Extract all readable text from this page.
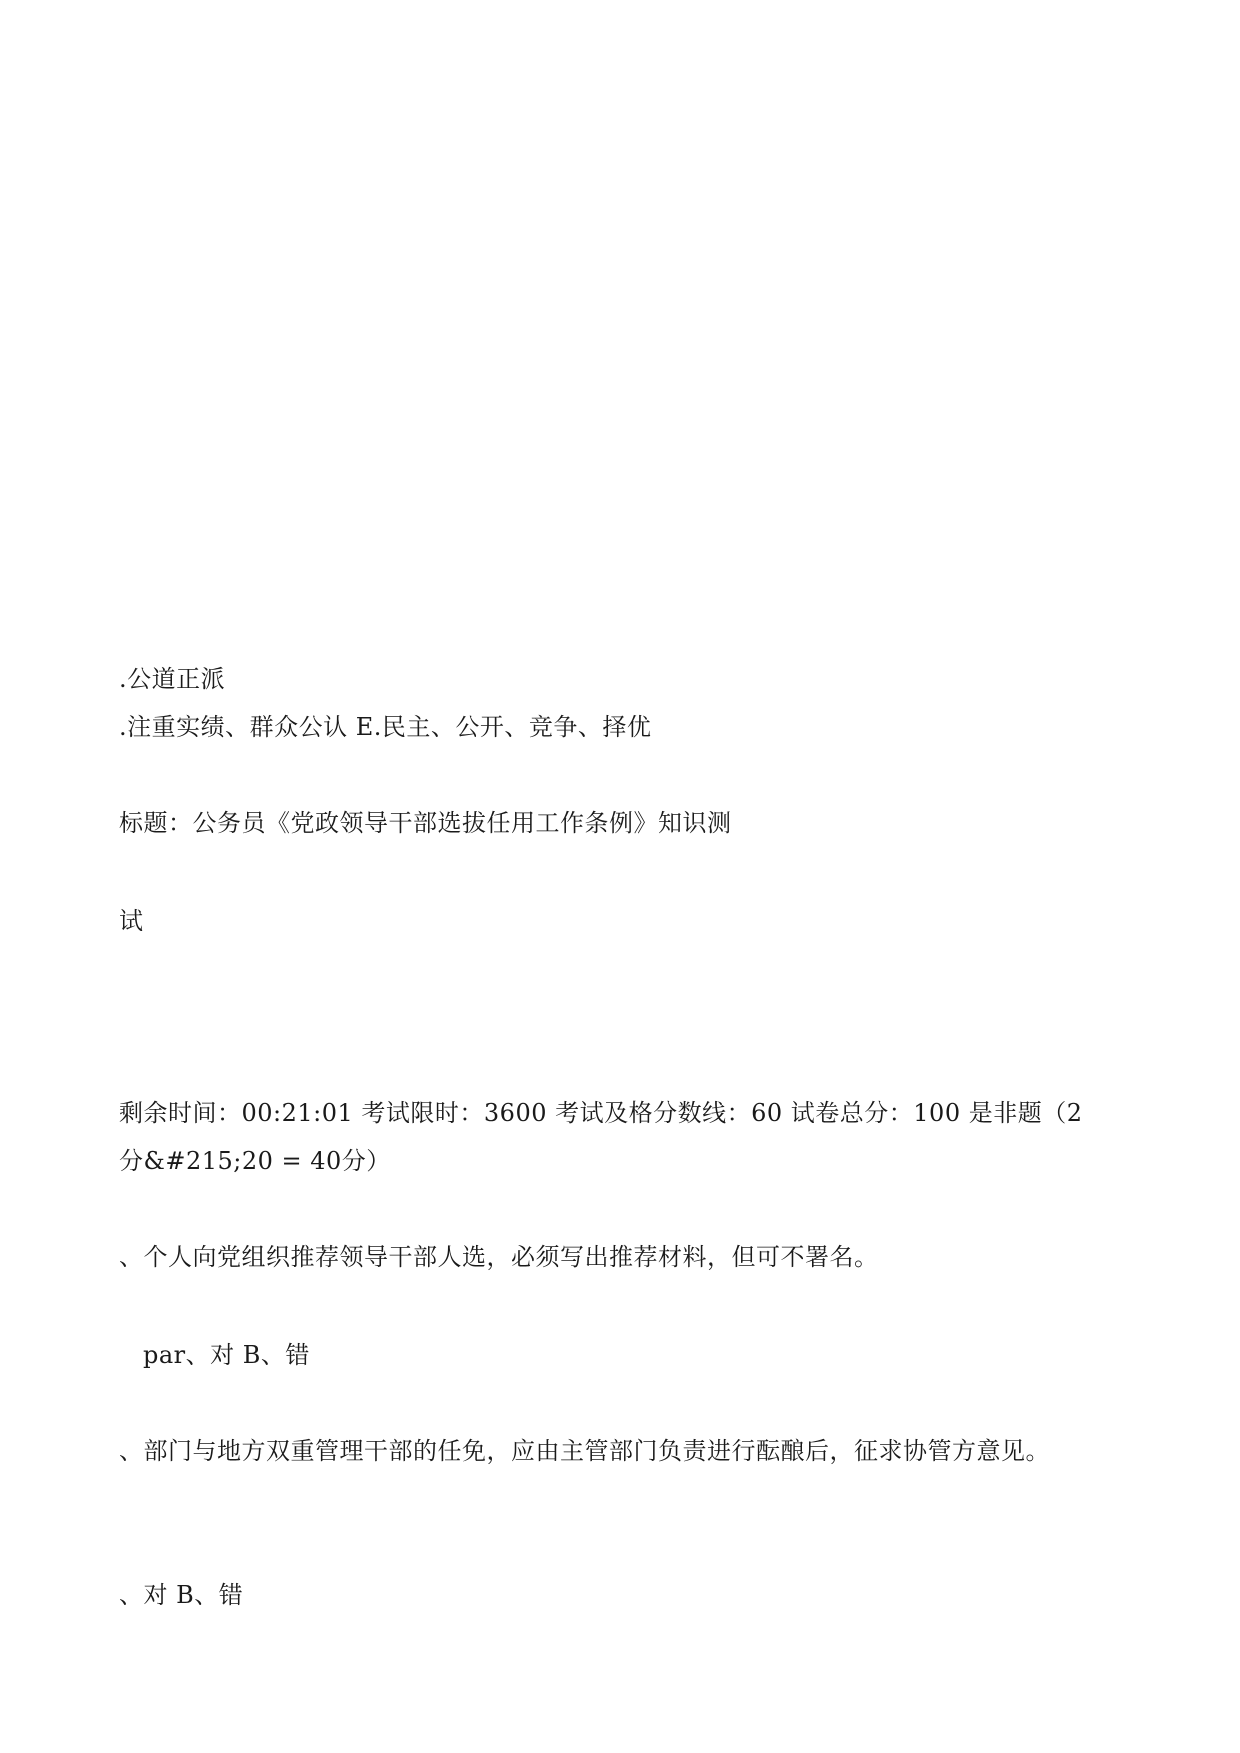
.公道正派
.注重实绩、群众公认 E.民主、公开、竞争、择优
标题：公务员《党政领导干部选拔任用工作条例》知识测
试
剩余时间：00:21:01 考试限时：3600 考试及格分数线：60 试卷总分：100 是非题（2
分&#215;20 = 40分）
、个人向党组织推荐领导干部人选，必须写出推荐材料，但可不署名。
par、对 B、错
、部门与地方双重管理干部的任免，应由主管部门负责进行酝酿后，征求协管方意见。
、对 B、错
